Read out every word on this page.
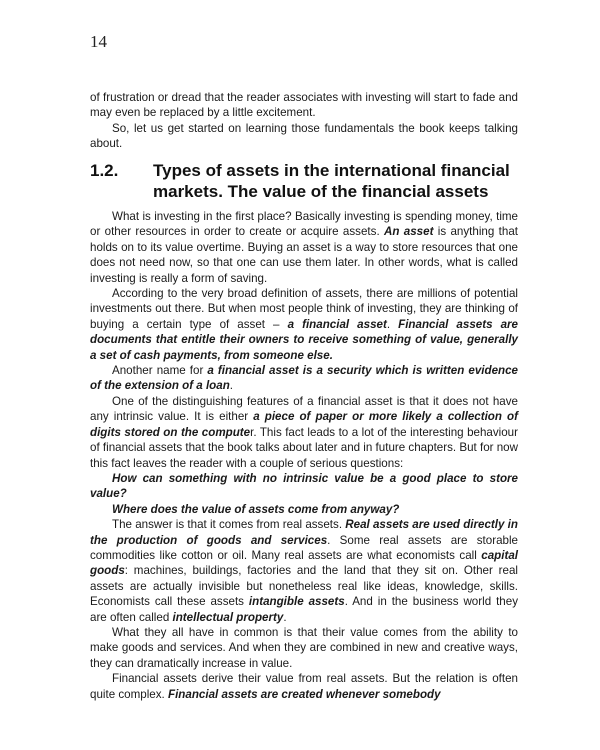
14

of frustration or dread that the reader associates with investing will start to fade and may even be replaced by a little excitement.

So, let us get started on learning those fundamentals the book keeps talking about.

1.2. Types of assets in the international financial markets. The value of the financial assets

What is investing in the first place? Basically investing is spending money, time or other resources in order to create or acquire assets. An asset is anything that holds on to its value overtime. Buying an asset is a way to store resources that one does not need now, so that one can use them later. In other words, what is called investing is really a form of saving.

According to the very broad definition of assets, there are millions of potential investments out there. But when most people think of investing, they are thinking of buying a certain type of asset – a financial asset. Financial assets are documents that entitle their owners to receive something of value, generally a set of cash payments, from someone else.

Another name for a financial asset is a security which is written evidence of the extension of a loan.

One of the distinguishing features of a financial asset is that it does not have any intrinsic value. It is either a piece of paper or more likely a collection of digits stored on the computer. This fact leads to a lot of the interesting behaviour of financial assets that the book talks about later and in future chapters. But for now this fact leaves the reader with a couple of serious questions:

How can something with no intrinsic value be a good place to store value?

Where does the value of assets come from anyway?

The answer is that it comes from real assets. Real assets are used directly in the production of goods and services. Some real assets are storable commodities like cotton or oil. Many real assets are what economists call capital goods: machines, buildings, factories and the land that they sit on. Other real assets are actually invisible but nonetheless real like ideas, knowledge, skills. Economists call these assets intangible assets. And in the business world they are often called intellectual property.

What they all have in common is that their value comes from the ability to make goods and services. And when they are combined in new and creative ways, they can dramatically increase in value.

Financial assets derive their value from real assets. But the relation is often quite complex. Financial assets are created whenever somebody
